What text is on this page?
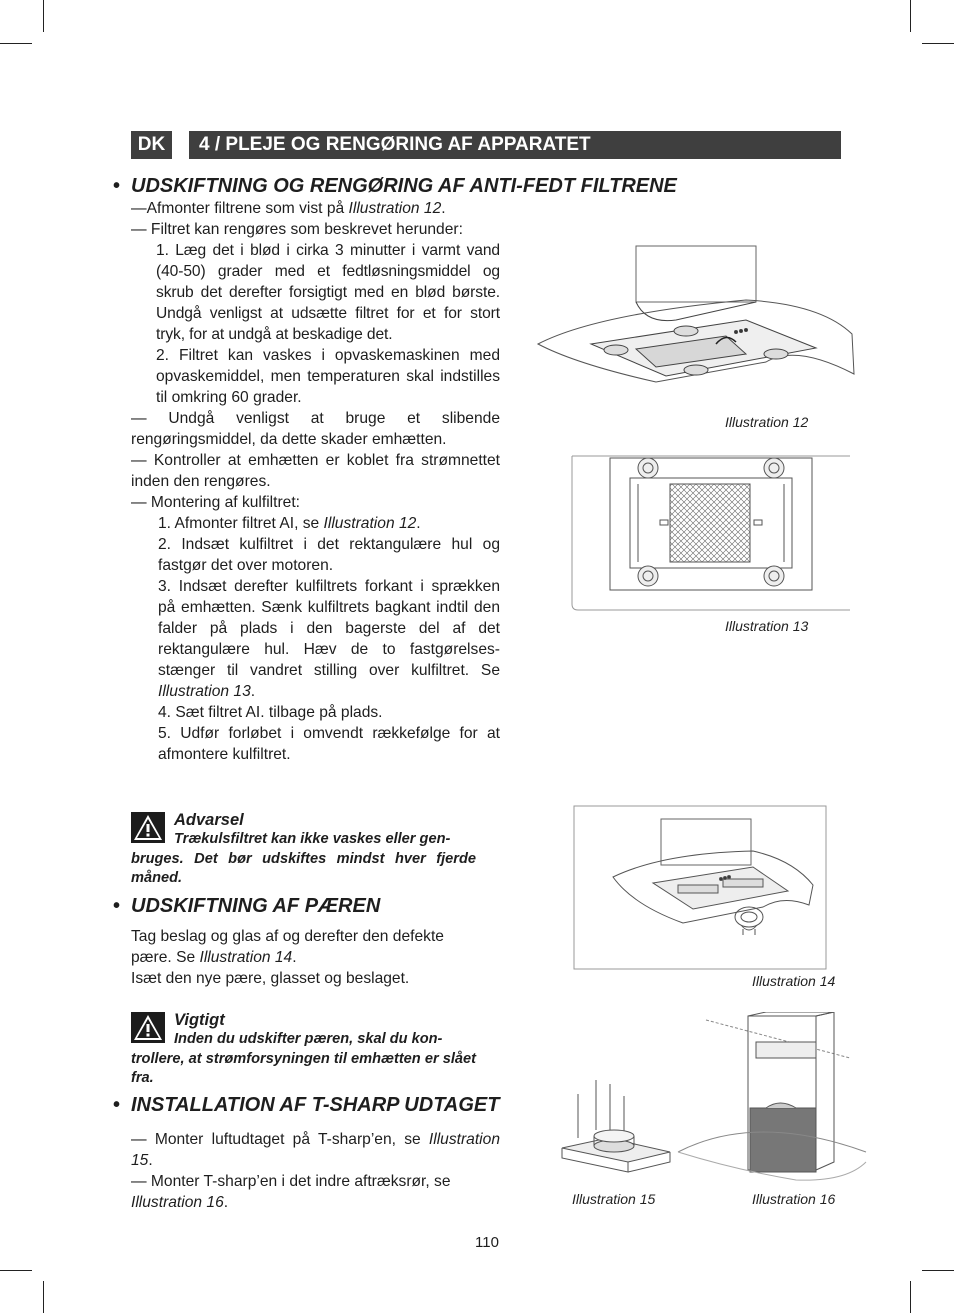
DK	4 / PLEJE OG RENGØRING AF APPARATET
• UDSKIFTNING OG RENGØRING AF ANTI-FEDT FILTRENE

—Afmonter filtrene som vist på Illustration 12.

— Filtret kan rengøres som beskrevet herunder:

1. Læg det i blød i cirka 3 minutter i varmt vand (40-50) grader med et fedtløsningsmiddel og skrub det derefter forsigtigt med en blød børste. Undgå venligst at udsætte filtret for et for stort tryk, for at undgå at beskadige det.

2. Filtret kan vaskes i opvaskemaskinen med opvaskemiddel, men temperaturen skal indstilles til omkring 60 grader.

— Undgå venligst at bruge et slibende rengøringsmiddel, da dette skader emhætten.

— Kontroller at emhætten er koblet fra strømnettet inden den rengøres.

— Montering af kulfiltret:

1. Afmonter filtret AI, se Illustration 12.

2. Indsæt kulfiltret i det rektangulære hul og fastgør det over motoren.

3. Indsæt derefter kulfiltrets forkant i sprækken på emhætten. Sænk kulfiltrets bagkant indtil den falder på plads i den bagerste del af det rektangulære hul. Hæv de to fastgørelses-stænger til vandret stilling over kulfiltret. Se Illustration 13.

4. Sæt filtret AI. tilbage på plads.

5. Udfør forløbet i omvendt rækkefølge for at afmontere kulfiltret.

Advarsel
Trækulsfiltret kan ikke vaskes eller gen-
bruges. Det bør udskiftes mindst hver fjerde måned.
• UDSKIFTNING AF PÆREN

Tag beslag og glas af og derefter den defekte pære. Se Illustration 14.

Isæt den nye pære, glasset og beslaget.

Vigtigt
Inden du udskifter pæren, skal du kon-
trollere, at strømforsyningen til emhætten er slået fra.
• INSTALLATION AF T-SHARP UDTAGET

— Monter luftudtaget på T-sharp’en, se Illustration 15.

— Monter T-sharp’en i det indre aftræksrør, se Illustration 16.

Illustration 12
Illustration 13
Illustration 14
Illustration 15	Illustration 16
110
